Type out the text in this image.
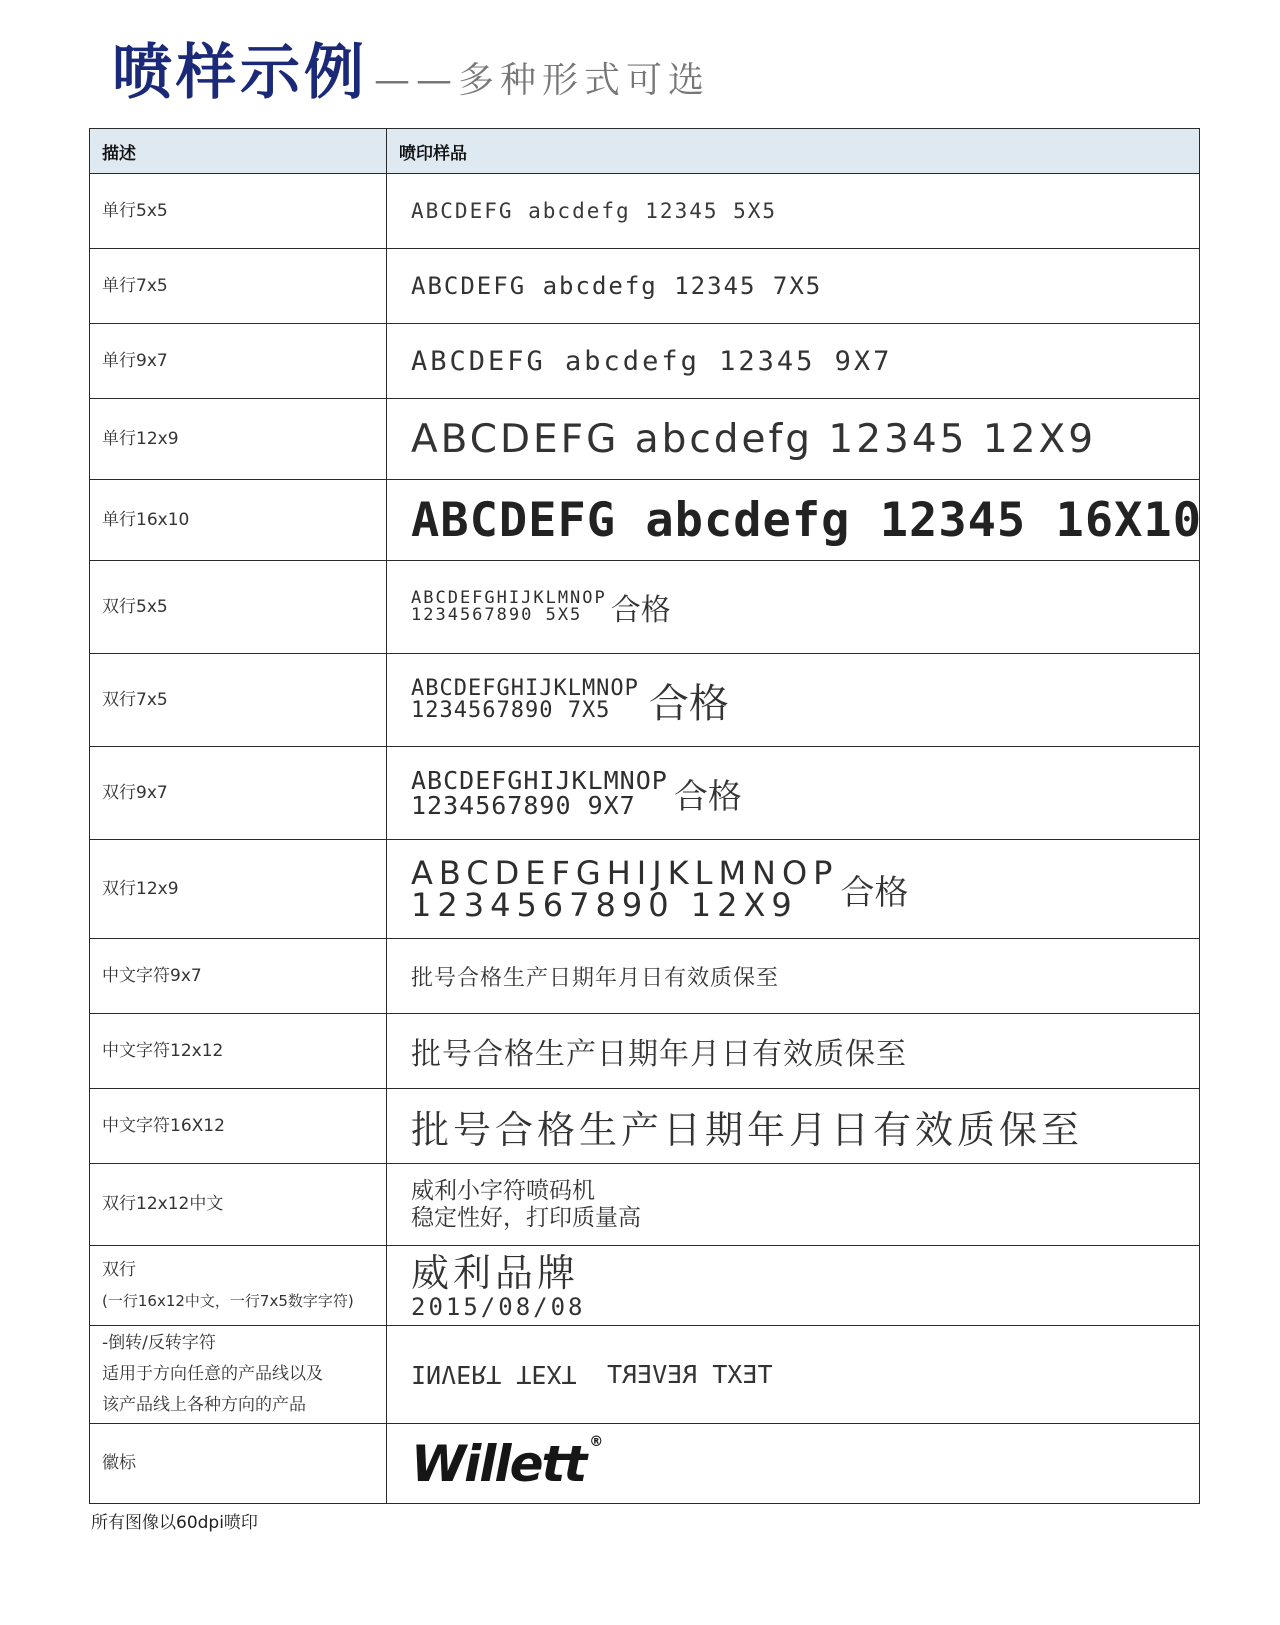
喷样示例 ——多种形式可选
描述	喷印样品
单行5x5	ABCDEFG abcdefg 12345 5X5

单行7x5	ABCDEFG abcdefg 12345 7X5

单行9x7	ABCDEFG abcdefg 12345 9X7

单行12x9	ABCDEFG abcdefg 12345 12X9

单行16x10	ABCDEFG abcdefg 12345 16X10

双行5x5	ABCDEFGHIJKLMNOP
1234567890 5X5 合格

双行7x5	ABCDEFGHIJKLMNOP
1234567890 7X5 合格

双行9x7	ABCDEFGHIJKLMNOP
1234567890 9X7 合格

双行12x9	ABCDEFGHIJKLMNOP
1234567890 12X9 合格

中文字符9x7	批号合格生产日期年月日有效质保至

中文字符12x12	批号合格生产日期年月日有效质保至

中文字符16X12	批号合格生产日期年月日有效质保至

双行12x12中文	威利小字符喷码机
稳定性好，打印质量高

双行
(一行16x12中文，一行7x5数字字符)	威利品牌
2015/08/08

-倒转/反转字符
适用于方向任意的产品线以及
该产品线上各种方向的产品	INVERT TEXT TEXT REVERT

徽标	Willett ®
所有图像以60dpi喷印
